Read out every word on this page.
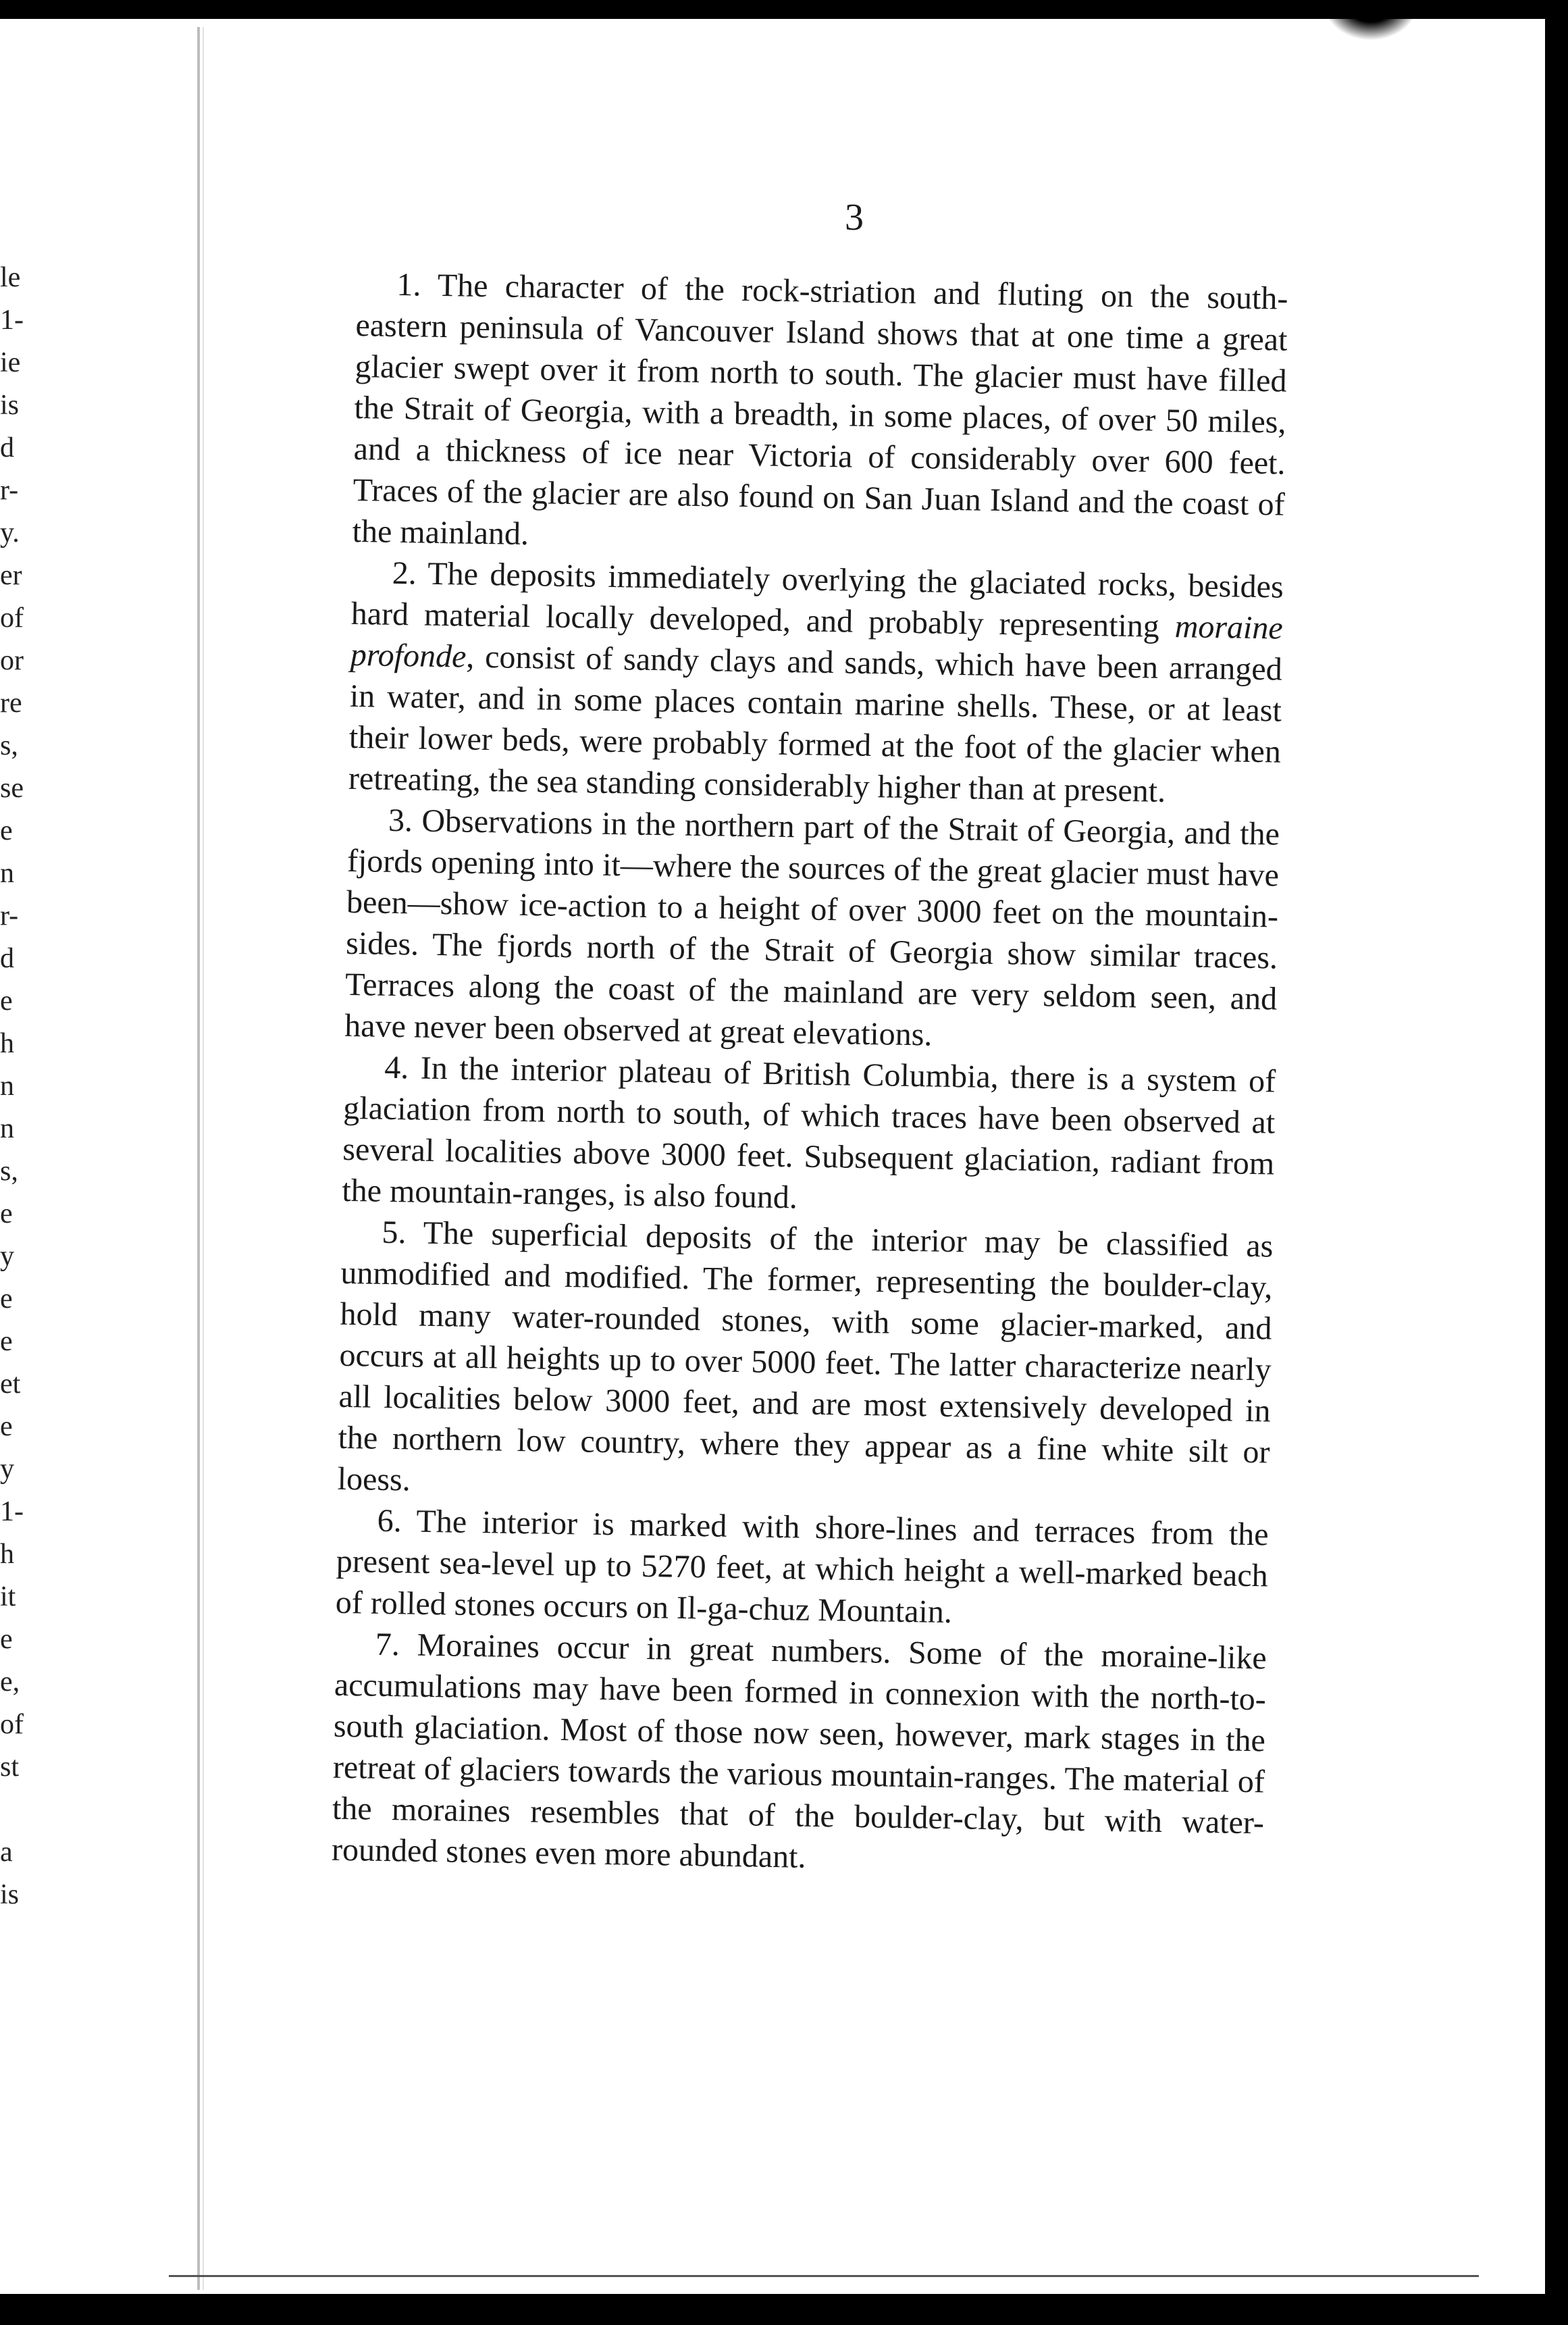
le
1-
ie
is
d
r-
y.
er
of
or
re
s,
se
e
n
r-
d
e
h
n
n
s,
e
y
e
e
et
e
y
1-
h
it
e
e,
of
st

a
is
3

1. The character of the rock-striation and fluting on the south-eastern peninsula of Vancouver Island shows that at one time a great glacier swept over it from north to south. The glacier must have filled the Strait of Georgia, with a breadth, in some places, of over 50 miles, and a thickness of ice near Victoria of considerably over 600 feet. Traces of the glacier are also found on San Juan Island and the coast of the mainland.

2. The deposits immediately overlying the glaciated rocks, besides hard material locally developed, and probably representing moraine profonde, consist of sandy clays and sands, which have been arranged in water, and in some places contain marine shells. These, or at least their lower beds, were probably formed at the foot of the glacier when retreating, the sea standing considerably higher than at present.

3. Observations in the northern part of the Strait of Georgia, and the fjords opening into it—where the sources of the great glacier must have been—show ice-action to a height of over 3000 feet on the mountain-sides. The fjords north of the Strait of Georgia show similar traces. Terraces along the coast of the mainland are very seldom seen, and have never been observed at great elevations.

4. In the interior plateau of British Columbia, there is a system of glaciation from north to south, of which traces have been observed at several localities above 3000 feet. Subsequent glaciation, radiant from the mountain-ranges, is also found.

5. The superficial deposits of the interior may be classified as unmodified and modified. The former, representing the boulder-clay, hold many water-rounded stones, with some glacier-marked, and occurs at all heights up to over 5000 feet. The latter characterize nearly all localities below 3000 feet, and are most extensively developed in the northern low country, where they appear as a fine white silt or loess.

6. The interior is marked with shore-lines and terraces from the present sea-level up to 5270 feet, at which height a well-marked beach of rolled stones occurs on Il-ga-chuz Mountain.

7. Moraines occur in great numbers. Some of the moraine-like accumulations may have been formed in connexion with the north-to-south glaciation. Most of those now seen, however, mark stages in the retreat of glaciers towards the various mountain-ranges. The material of the moraines resembles that of the boulder-clay, but with water-rounded stones even more abundant.
